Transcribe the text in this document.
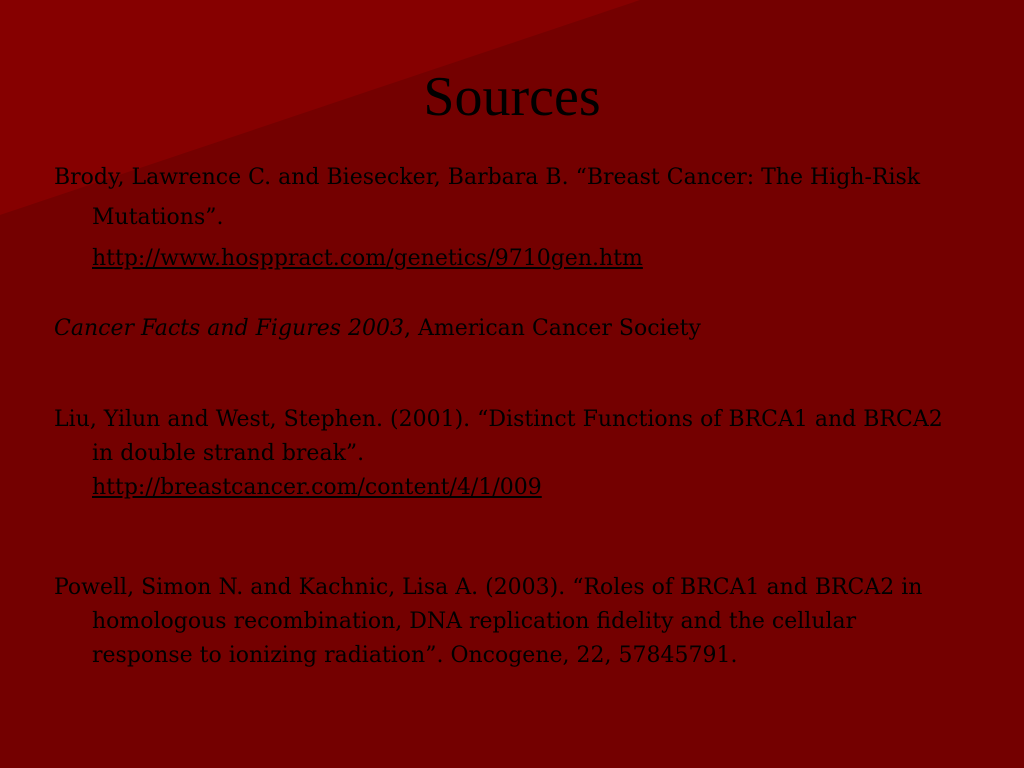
Sources
Brody, Lawrence C. and Biesecker, Barbara B. “Breast Cancer: The High-Risk Mutations”.
http://www.hosppract.com/genetics/9710gen.htm
Cancer Facts and Figures 2003, American Cancer Society
Liu, Yilun and West, Stephen. (2001). “Distinct Functions of BRCA1 and BRCA2 in double strand break”.
http://breastcancer.com/content/4/1/009
Powell, Simon N. and Kachnic, Lisa A. (2003). “Roles of BRCA1 and BRCA2 in homologous recombination, DNA replication fidelity and the cellular response to ionizing radiation”. Oncogene, 22, 57845791.
